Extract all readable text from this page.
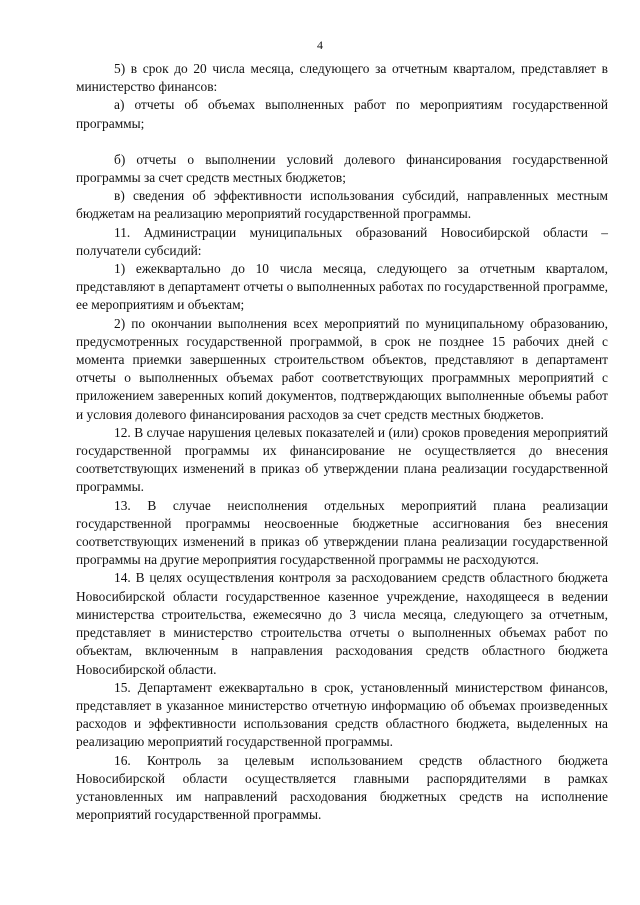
4

5) в срок до 20 числа месяца, следующего за отчетным кварталом, представляет в министерство финансов:

а) отчеты об объемах выполненных работ по мероприятиям государственной программы;

б) отчеты о выполнении условий долевого финансирования государственной программы за счет средств местных бюджетов;

в) сведения об эффективности использования субсидий, направленных местным бюджетам на реализацию мероприятий государственной программы.

11. Администрации муниципальных образований Новосибирской области – получатели субсидий:

1) ежеквартально до 10 числа месяца, следующего за отчетным кварталом, представляют в департамент отчеты о выполненных работах по государственной программе, ее мероприятиям и объектам;

2) по окончании выполнения всех мероприятий по муниципальному образованию, предусмотренных государственной программой, в срок не позднее 15 рабочих дней с момента приемки завершенных строительством объектов, представляют в департамент отчеты о выполненных объемах работ соответствующих программных мероприятий с приложением заверенных копий документов, подтверждающих выполненные объемы работ и условия долевого финансирования расходов за счет средств местных бюджетов.

12. В случае нарушения целевых показателей и (или) сроков проведения мероприятий государственной программы их финансирование не осуществляется до внесения соответствующих изменений в приказ об утверждении плана реализации государственной программы.

13. В случае неисполнения отдельных мероприятий плана реализации государственной программы неосвоенные бюджетные ассигнования без внесения соответствующих изменений в приказ об утверждении плана реализации государственной программы на другие мероприятия государственной программы не расходуются.

14. В целях осуществления контроля за расходованием средств областного бюджета Новосибирской области государственное казенное учреждение, находящееся в ведении министерства строительства, ежемесячно до 3 числа месяца, следующего за отчетным, представляет в министерство строительства отчеты о выполненных объемах работ по объектам, включенным в направления расходования средств областного бюджета Новосибирской области.

15. Департамент ежеквартально в срок, установленный министерством финансов, представляет в указанное министерство отчетную информацию об объемах произведенных расходов и эффективности использования средств областного бюджета, выделенных на реализацию мероприятий государственной программы.

16. Контроль за целевым использованием средств областного бюджета Новосибирской области осуществляется главными распорядителями в рамках установленных им направлений расходования бюджетных средств на исполнение мероприятий государственной программы.
